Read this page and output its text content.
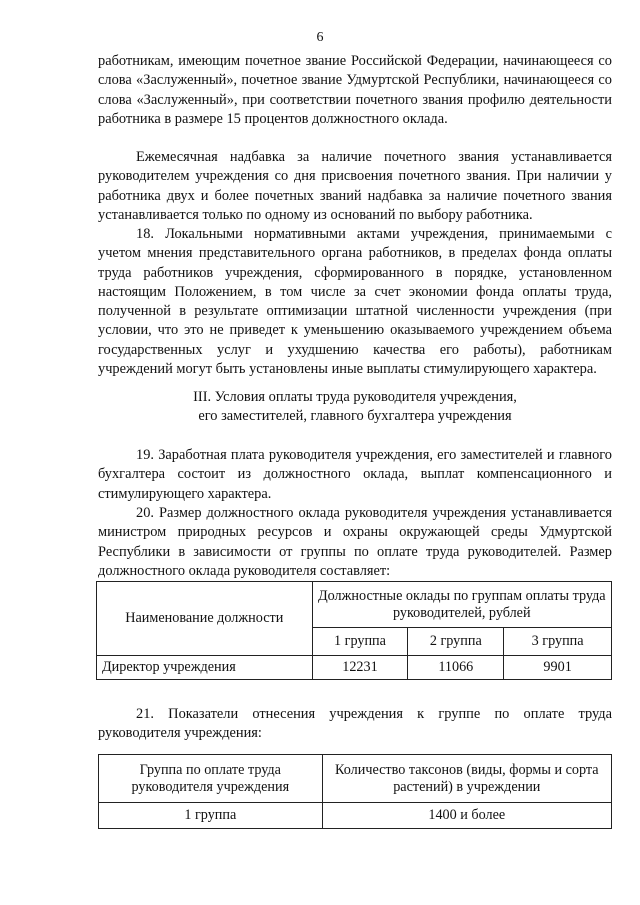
6

работникам, имеющим почетное звание Российской Федерации, начинающееся со слова «Заслуженный», почетное звание Удмуртской Республики, начинающееся со слова «Заслуженный», при соответствии почетного звания профилю деятельности работника в размере 15 процентов должностного оклада.

Ежемесячная надбавка за наличие почетного звания устанавливается руководителем учреждения со дня присвоения почетного звания. При наличии у работника двух и более почетных званий надбавка за наличие почетного звания устанавливается только по одному из оснований по выбору работника.

18. Локальными нормативными актами учреждения, принимаемыми с учетом мнения представительного органа работников, в пределах фонда оплаты труда работников учреждения, сформированного в порядке, установленном настоящим Положением, в том числе за счет экономии фонда оплаты труда, полученной в результате оптимизации штатной численности учреждения (при условии, что это не приведет к уменьшению оказываемого учреждением объема государственных услуг и ухудшению качества его работы), работникам учреждений могут быть установлены иные выплаты стимулирующего характера.

III. Условия оплаты труда руководителя учреждения,
его заместителей, главного бухгалтера учреждения

19. Заработная плата руководителя учреждения, его заместителей и главного бухгалтера состоит из должностного оклада, выплат компенсационного и стимулирующего характера.

20. Размер должностного оклада руководителя учреждения устанавливается министром природных ресурсов и охраны окружающей среды Удмуртской Республики в зависимости от группы по оплате труда руководителей. Размер должностного оклада руководителя составляет:

Наименование должности	Должностные оклады по группам оплаты труда руководителей, рублей		
	1 группа	2 группа	3 группа
Директор учреждения	12231	11066	9901

21. Показатели отнесения учреждения к группе по оплате труда руководителя учреждения:

Группа по оплате труда руководителя учреждения	Количество таксонов (виды, формы и сорта растений) в учреждении
1 группа	1400 и более
